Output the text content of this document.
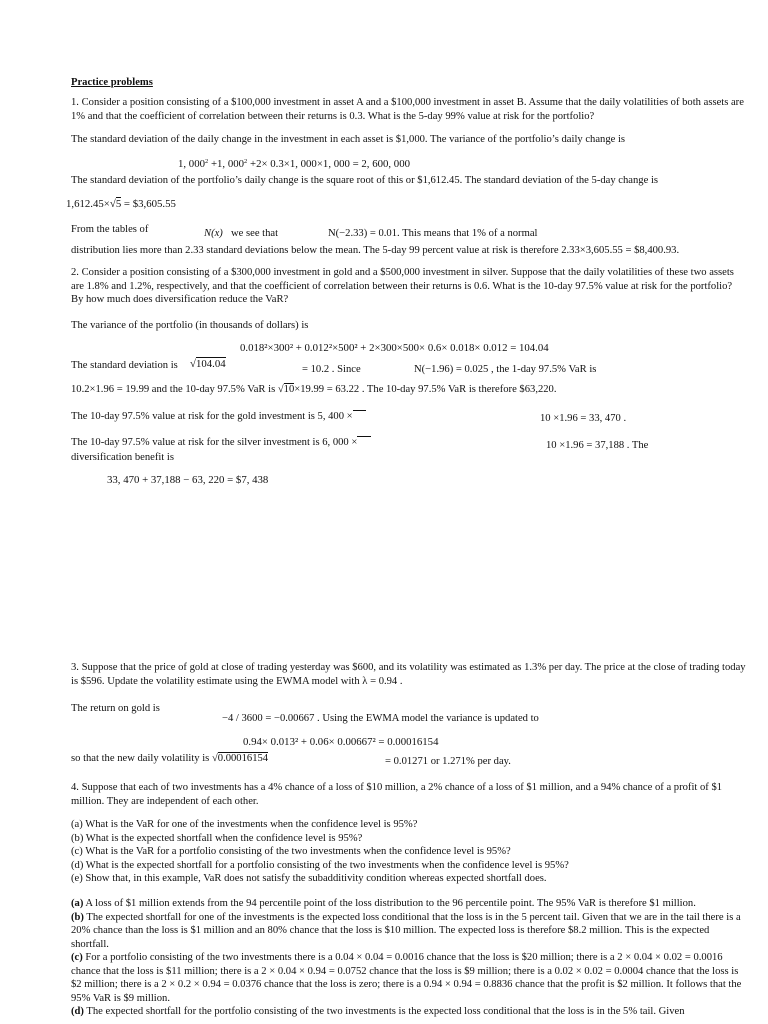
Practice problems
1. Consider a position consisting of a $100,000 investment in asset A and a $100,000 investment in asset B. Assume that the daily volatilities of both assets are 1% and that the coefficient of correlation between their returns is 0.3. What is the 5-day 99% value at risk for the portfolio?
The standard deviation of the daily change in the investment in each asset is $1,000. The variance of the portfolio’s daily change is
1, $000^2 +1$, $000^2 +2\times 0.3\times 1$, 000×1, 000 = 2, 600, 000
The standard deviation of the portfolio’s daily change is the square root of this or $1,612.45. The standard deviation of the 5-day change is
1,612.45×√5 = $3,605.55
From the tables of	N(x) we see that	N(−2.33) = 0.01. This means that 1% of a normal
distribution lies more than 2.33 standard deviations below the mean. The 5-day 99 percent value at risk is therefore 2.33×3,605.55 = $8,400.93.
2. Consider a position consisting of a $300,000 investment in gold and a $500,000 investment in silver. Suppose that the daily volatilities of these two assets are 1.8% and 1.2%, respectively, and that the coefficient of correlation between their returns is 0.6. What is the 10-day 97.5% value at risk for the portfolio? By how much does diversification reduce the VaR?
The variance of the portfolio (in thousands of dollars) is
0.018²×300² + 0.012²×500² + 2×300×500× 0.6× 0.018× 0.012 = 104.04
The standard deviation is √104.04	= 10.2 . Since	N(−1.96) = 0.025 , the 1-day 97.5% VaR is
10.2×1.96 = 19.99 and the 10-day 97.5% VaR is √10×19.99 = 63.22 . The 10-day 97.5% VaR is therefore $63,220.
The 10-day 97.5% value at risk for the gold investment is 5, 400 ×	10 ×1.96 = 33, 470 .
The 10-day 97.5% value at risk for the silver investment is 6, 000 ×	10 ×1.96 = 37,188 . The
diversification benefit is
33, 470 + 37,188 − 63, 220 = $7, 438
3. Suppose that the price of gold at close of trading yesterday was $600, and its volatility was estimated as 1.3% per day. The price at the close of trading today is $596. Update the volatility estimate using the EWMA model with λ = 0.94 .
The return on gold is
−4 / 3600 = −0.00667 . Using the EWMA model the variance is updated to
0.94× 0.013² + 0.06× 0.00667² = 0.00016154
so that the new daily volatility is √0.00016154	= 0.01271 or 1.271% per day.
4. Suppose that each of two investments has a 4% chance of a loss of $10 million, a 2% chance of a loss of $1 million, and a 94% chance of a profit of $1 million. They are independent of each other.
(a) What is the VaR for one of the investments when the confidence level is 95%?
(b) What is the expected shortfall when the confidence level is 95%?
(c) What is the VaR for a portfolio consisting of the two investments when the confidence level is 95%?
(d) What is the expected shortfall for a portfolio consisting of the two investments when the confidence level is 95%?
(e) Show that, in this example, VaR does not satisfy the subadditivity condition whereas expected shortfall does.
(a) A loss of $1 million extends from the 94 percentile point of the loss distribution to the 96 percentile point. The 95% VaR is therefore $1 million.
(b) The expected shortfall for one of the investments is the expected loss conditional that the loss is in the 5 percent tail. Given that we are in the tail there is a 20% chance than the loss is $1 million and an 80% chance that the loss is $10 million. The expected loss is therefore $8.2 million. This is the expected shortfall.
(c) For a portfolio consisting of the two investments there is a 0.04 × 0.04 = 0.0016 chance that the loss is $20 million; there is a 2 × 0.04 × 0.02 = 0.0016 chance that the loss is $11 million; there is a 2 × 0.04 × 0.94 = 0.0752 chance that the loss is $9 million; there is a 0.02 × 0.02 = 0.0004 chance that the loss is $2 million; there is a 2 × 0.2 × 0.94 = 0.0376 chance that the loss is zero; there is a 0.94 × 0.94 = 0.8836 chance that the profit is $2 million. It follows that the 95% VaR is $9 million.
(d) The expected shortfall for the portfolio consisting of the two investments is the expected loss conditional that the loss is in the 5% tail. Given
